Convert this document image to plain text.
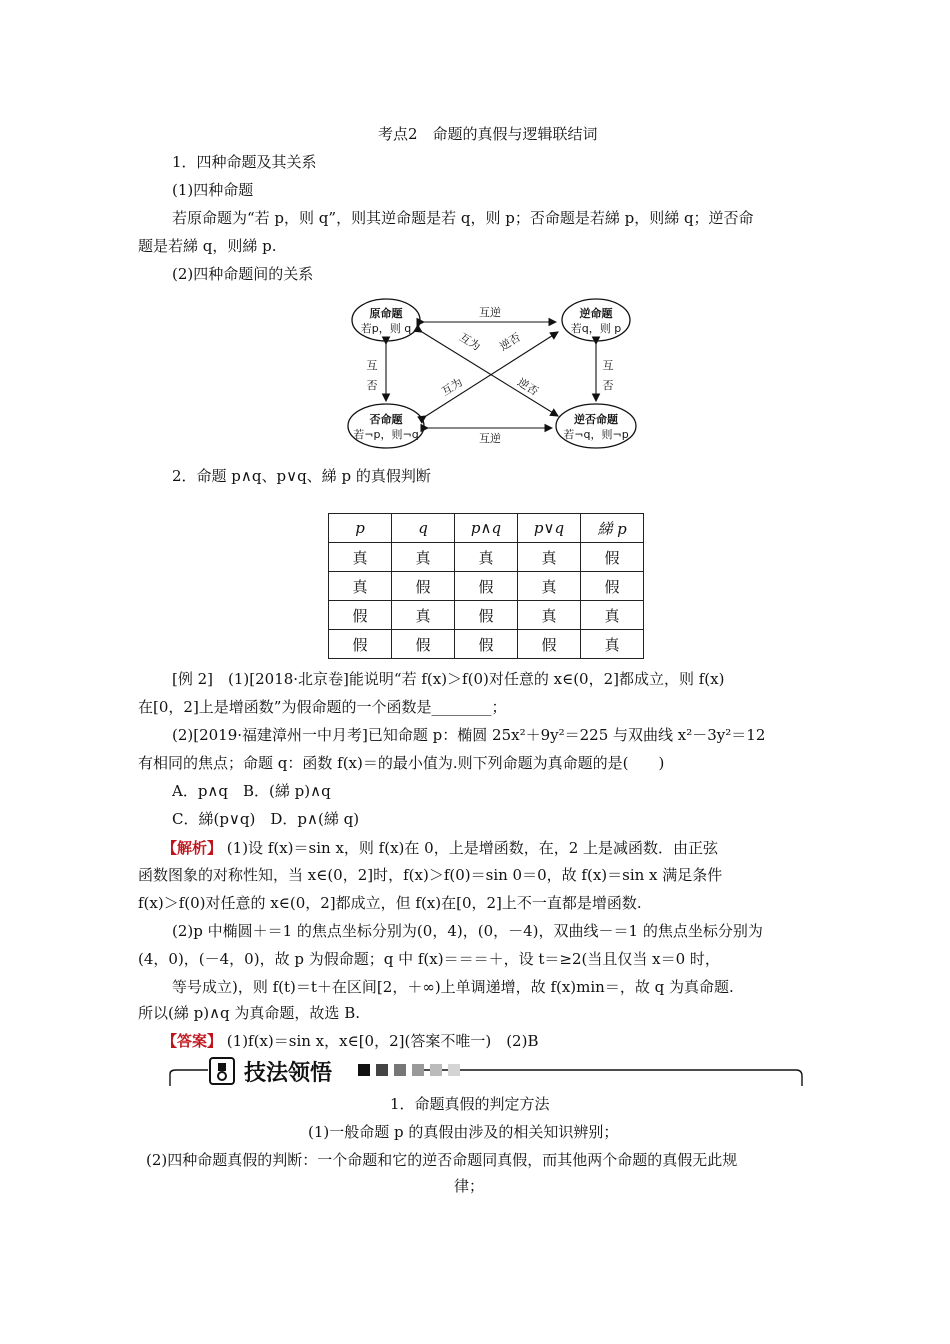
考点2　命题的真假与逻辑联结词
1．四种命题及其关系
(1)四种命题
若原命题为“若 p，则 q”，则其逆命题是若 q，则 p；否命题是若綈 p，则綈 q；逆否命
题是若綈 q，则綈 p.
(2)四种命题间的关系
原命题
若p，则 q
逆命题
若q，则 p
否命题
若¬p，则¬q
逆否命题
若¬q，则¬p
互逆
互逆
互
否
互
否
互为 逆否
互为	逆否
2．命题 p∧q、p∨q、綈 p 的真假判断
p	q	p∧q	p∨q	綈 p
真	真	真	真	假
真	假	假	真	假
假	真	假	真	真
假	假	假	假	真
[例 2]　(1)[2018·北京卷]能说明“若 f(x)＞f(0)对任意的 x∈(0，2]都成立，则 f(x)
在[0，2]上是增函数”为假命题的一个函数是________；
(2)[2019·福建漳州一中月考]已知命题 p：椭圆 25x²＋9y²＝225 与双曲线 x²－3y²＝12
有相同的焦点；命题 q：函数 f(x)＝的最小值为.则下列命题为真命题的是(　　)
A．p∧q　B．(綈 p)∧q
C．綈(p∨q)　D．p∧(綈 q)
【解析】 (1)设 f(x)＝sin x，则 f(x)在 0，上是增函数，在，2 上是减函数．由正弦
函数图象的对称性知，当 x∈(0，2]时，f(x)＞f(0)＝sin 0＝0，故 f(x)＝sin x 满足条件
f(x)＞f(0)对任意的 x∈(0，2]都成立，但 f(x)在[0，2]上不一直都是增函数.
(2)p 中椭圆＋＝1 的焦点坐标分别为(0，4)，(0，－4)，双曲线－＝1 的焦点坐标分别为
(4，0)，(－4，0)，故 p 为假命题；q 中 f(x)＝＝＝＋，设 t＝≥2(当且仅当 x＝0 时，
等号成立)，则 f(t)＝t＋在区间[2，＋∞)上单调递增，故 f(x)min＝，故 q 为真命题.
所以(綈 p)∧q 为真命题，故选 B.
【答案】 (1)f(x)＝sin x，x∈[0，2](答案不唯一)　(2)B
技法领悟
1．命题真假的判定方法
(1)一般命题 p 的真假由涉及的相关知识辨别；
(2)四种命题真假的判断：一个命题和它的逆否命题同真假，而其他两个命题的真假无此规
律；
